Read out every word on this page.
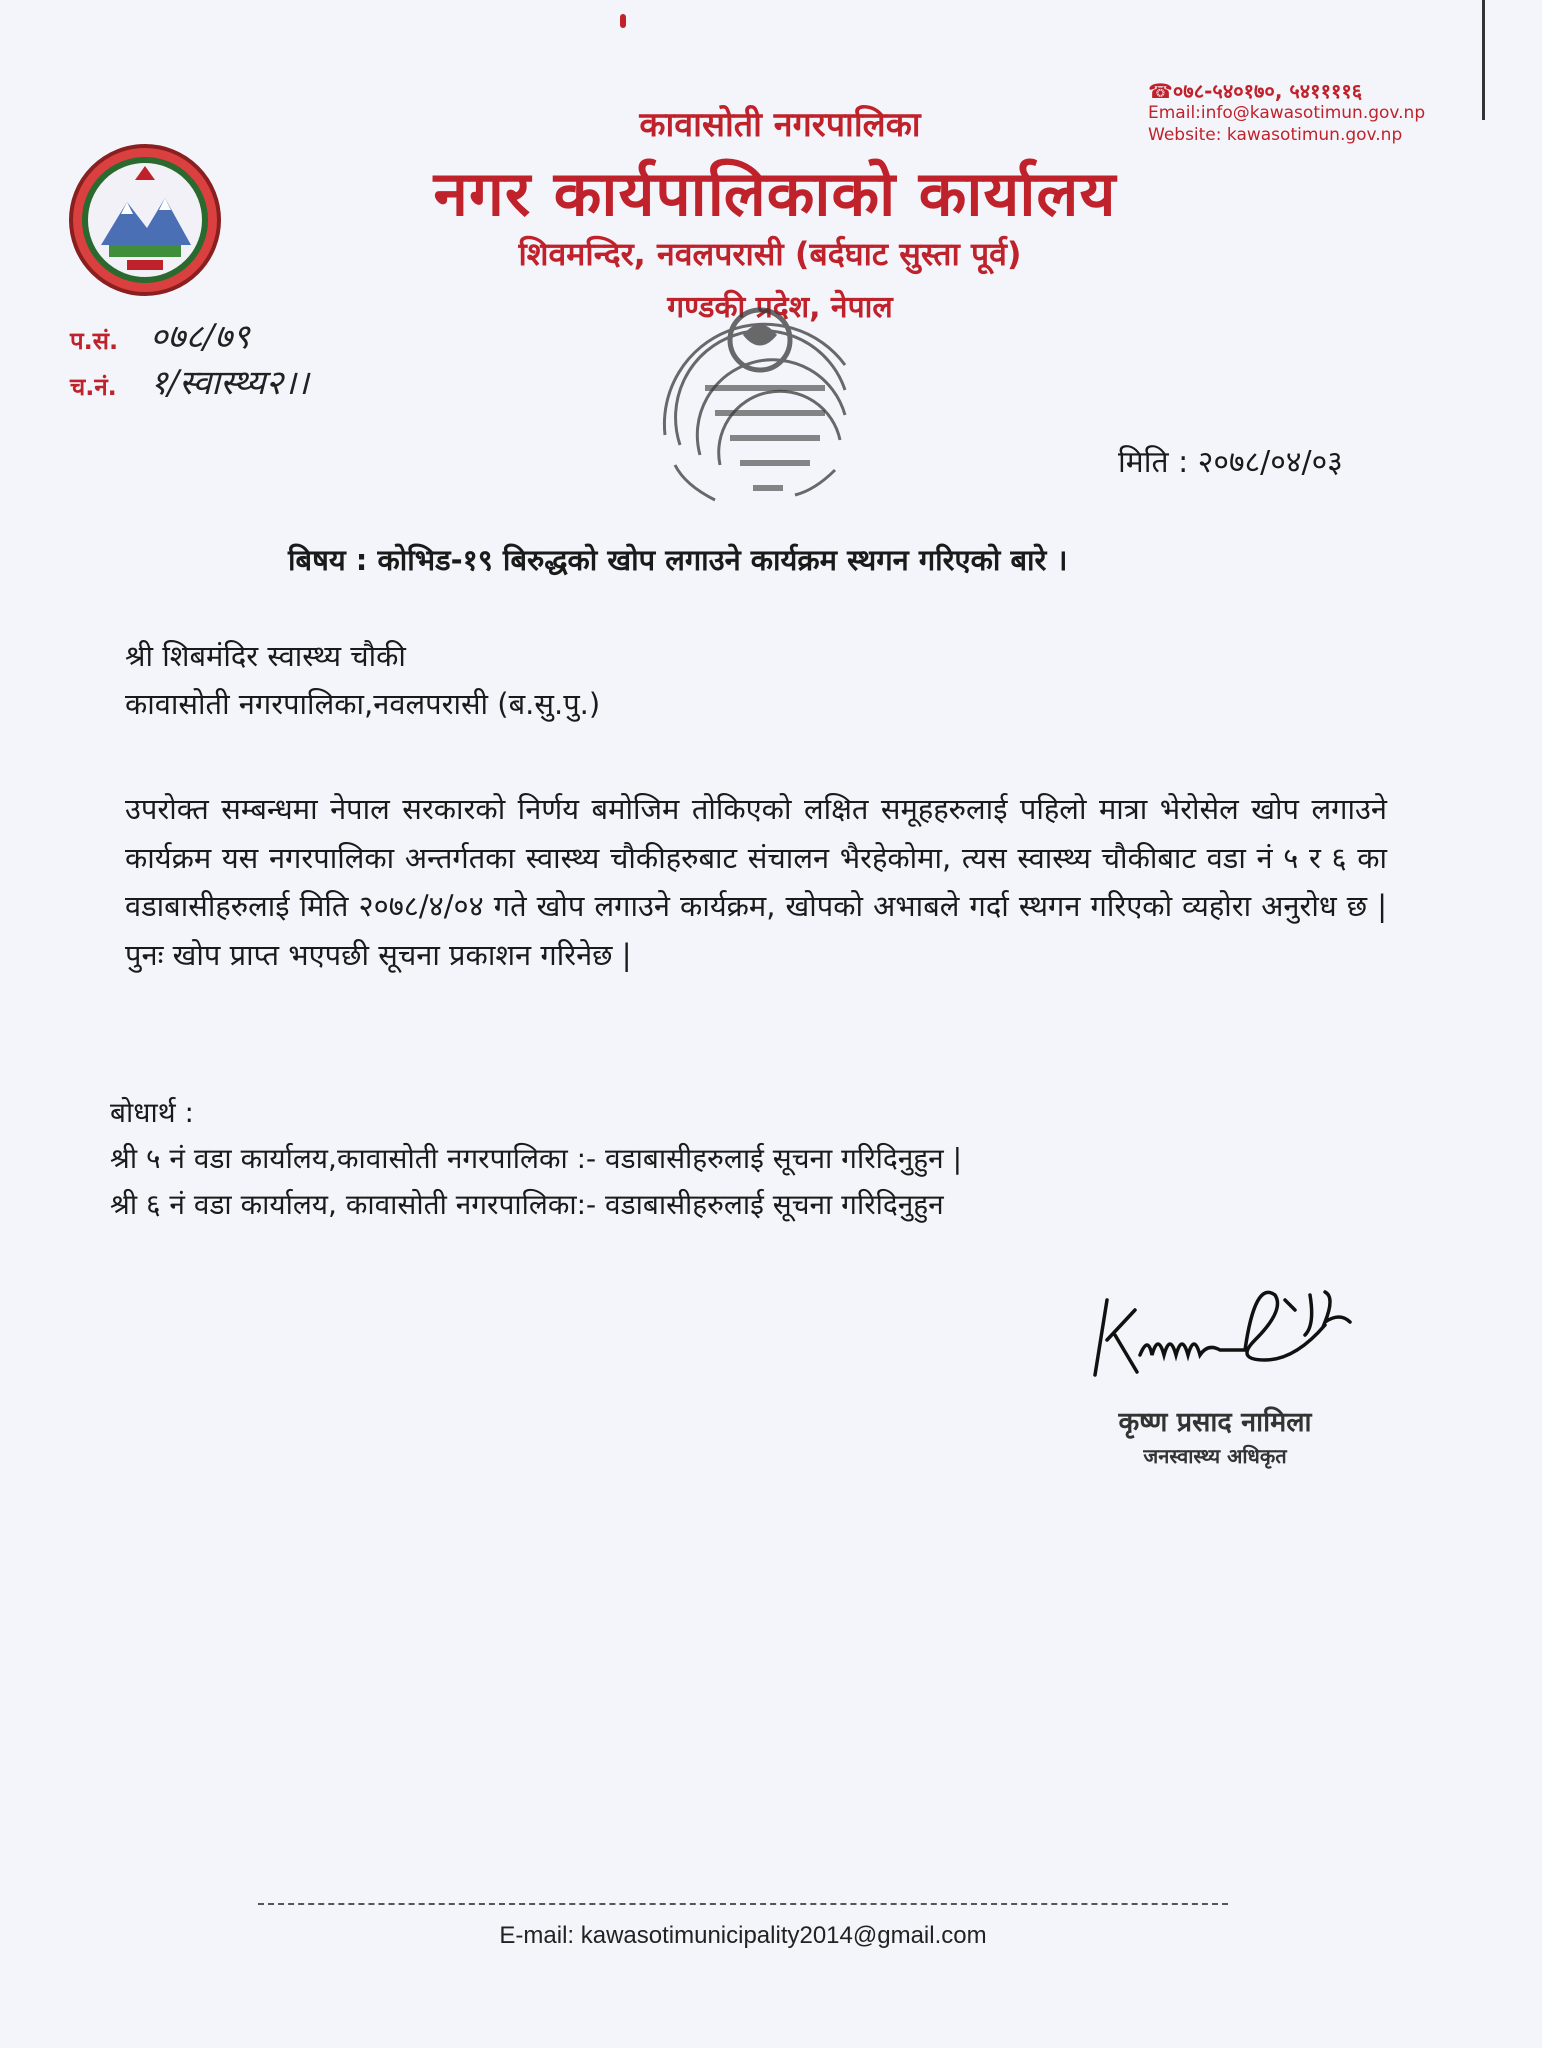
कावासोती नगरपालिका
नगर कार्यपालिकाको कार्यालय
शिवमन्दिर, नवलपरासी (बर्दघाट सुस्ता पूर्व)
गण्डकी प्रदेश, नेपाल
☎०७८-५४०१७०, ५४११११६
Email:info@kawasotimun.gov.np
Website: kawasotimun.gov.np
प.सं.
च.नं.
०७८/७९
१/स्वास्थ्य२।।
मिति : २०७८/०४/०३
बिषय : कोभिड-१९ बिरुद्धको खोप लगाउने कार्यक्रम स्थगन गरिएको बारे ।
श्री शिबमंदिर स्वास्थ्य चौकी
कावासोती नगरपालिका,नवलपरासी (ब.सु.पु.)
उपरोक्त सम्बन्धमा नेपाल सरकारको निर्णय बमोजिम तोकिएको लक्षित समूहहरुलाई पहिलो मात्रा भेरोसेल खोप लगाउने कार्यक्रम यस नगरपालिका अन्तर्गतका स्वास्थ्य चौकीहरुबाट संचालन भैरहेकोमा, त्यस स्वास्थ्य चौकीबाट वडा नं ५ र ६ का वडाबासीहरुलाई मिति २०७८/४/०४ गते खोप लगाउने कार्यक्रम, खोपको अभाबले गर्दा स्थगन गरिएको व्यहोरा अनुरोध छ | पुनः खोप प्राप्त भएपछी सूचना प्रकाशन गरिनेछ |
बोधार्थ :
श्री ५ नं वडा कार्यालय,कावासोती नगरपालिका :- वडाबासीहरुलाई सूचना गरिदिनुहुन |
श्री ६ नं वडा कार्यालय, कावासोती नगरपालिका:- वडाबासीहरुलाई सूचना गरिदिनुहुन
कृष्ण प्रसाद नामिला
जनस्वास्थ्य अधिकृत
E-mail: kawasotimunicipality2014@gmail.com
